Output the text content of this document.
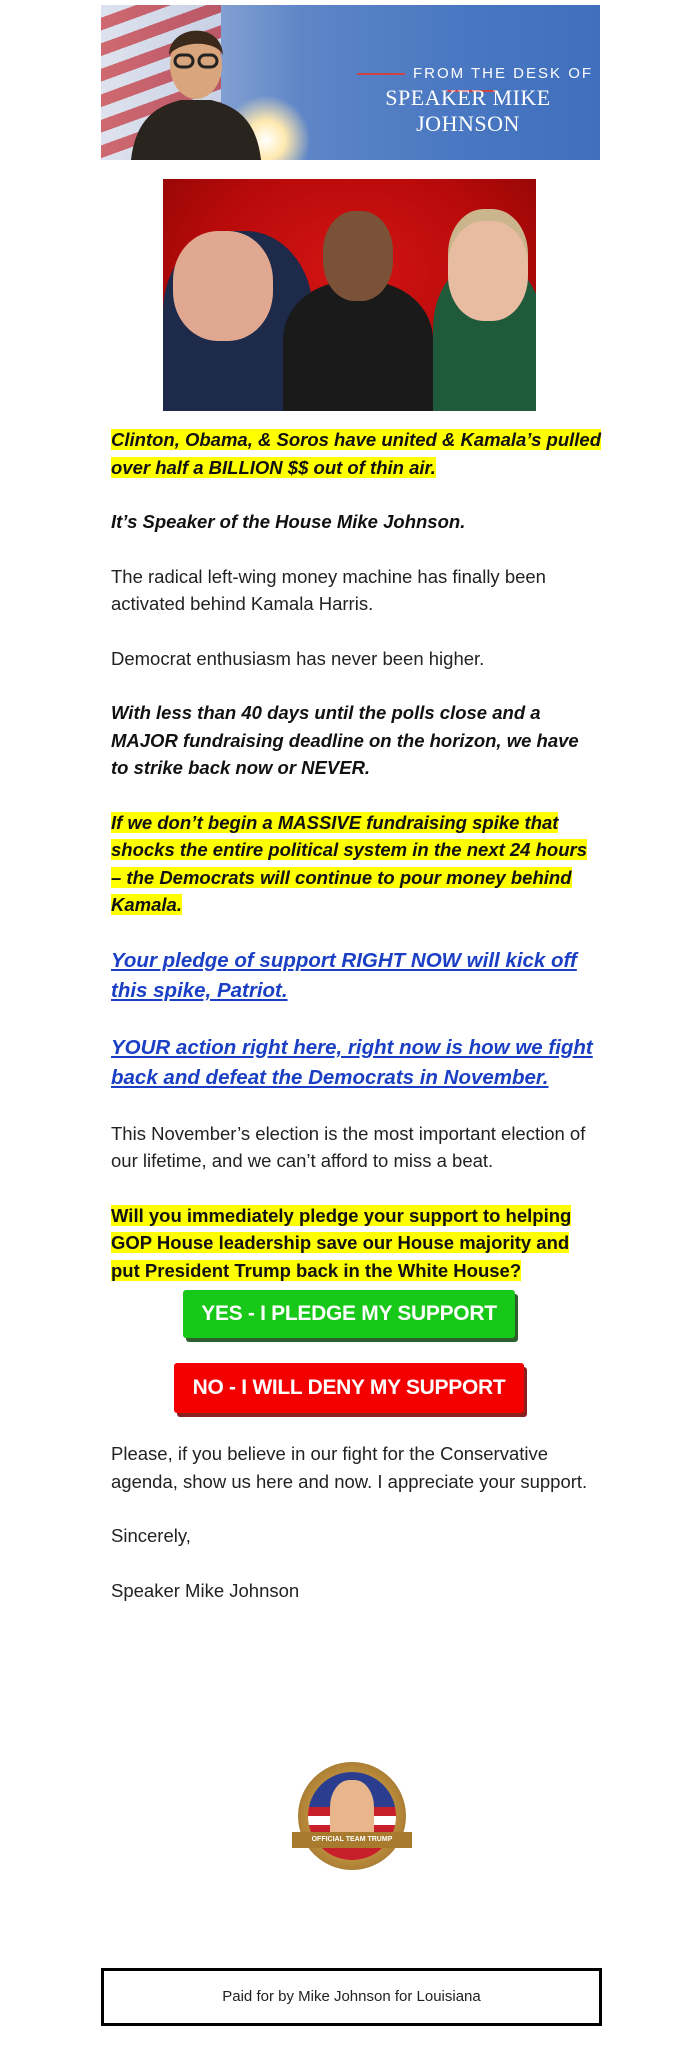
FROM THE DESK OF
SPEAKER MIKE JOHNSON

Clinton, Obama, & Soros have united & Kamala’s pulled over half a BILLION $$ out of thin air.

It’s Speaker of the House Mike Johnson.

The radical left-wing money machine has finally been activated behind Kamala Harris.

Democrat enthusiasm has never been higher.

With less than 40 days until the polls close and a MAJOR fundraising deadline on the horizon, we have to strike back now or NEVER.

If we don’t begin a MASSIVE fundraising spike that shocks the entire political system in the next 24 hours – the Democrats will continue to pour money behind Kamala.

Your pledge of support RIGHT NOW will kick off this spike, Patriot.

YOUR action right here, right now is how we fight back and defeat the Democrats in November.

This November’s election is the most important election of our lifetime, and we can’t afford to miss a beat.

Will you immediately pledge your support to helping GOP House leadership save our House majority and put President Trump back in the White House?

YES - I PLEDGE MY SUPPORT
NO - I WILL DENY MY SUPPORT

Please, if you believe in our fight for the Conservative agenda, show us here and now. I appreciate your support.

Sincerely,

Speaker Mike Johnson

OFFICIAL TEAM TRUMP
Paid for by Mike Johnson for Louisiana
